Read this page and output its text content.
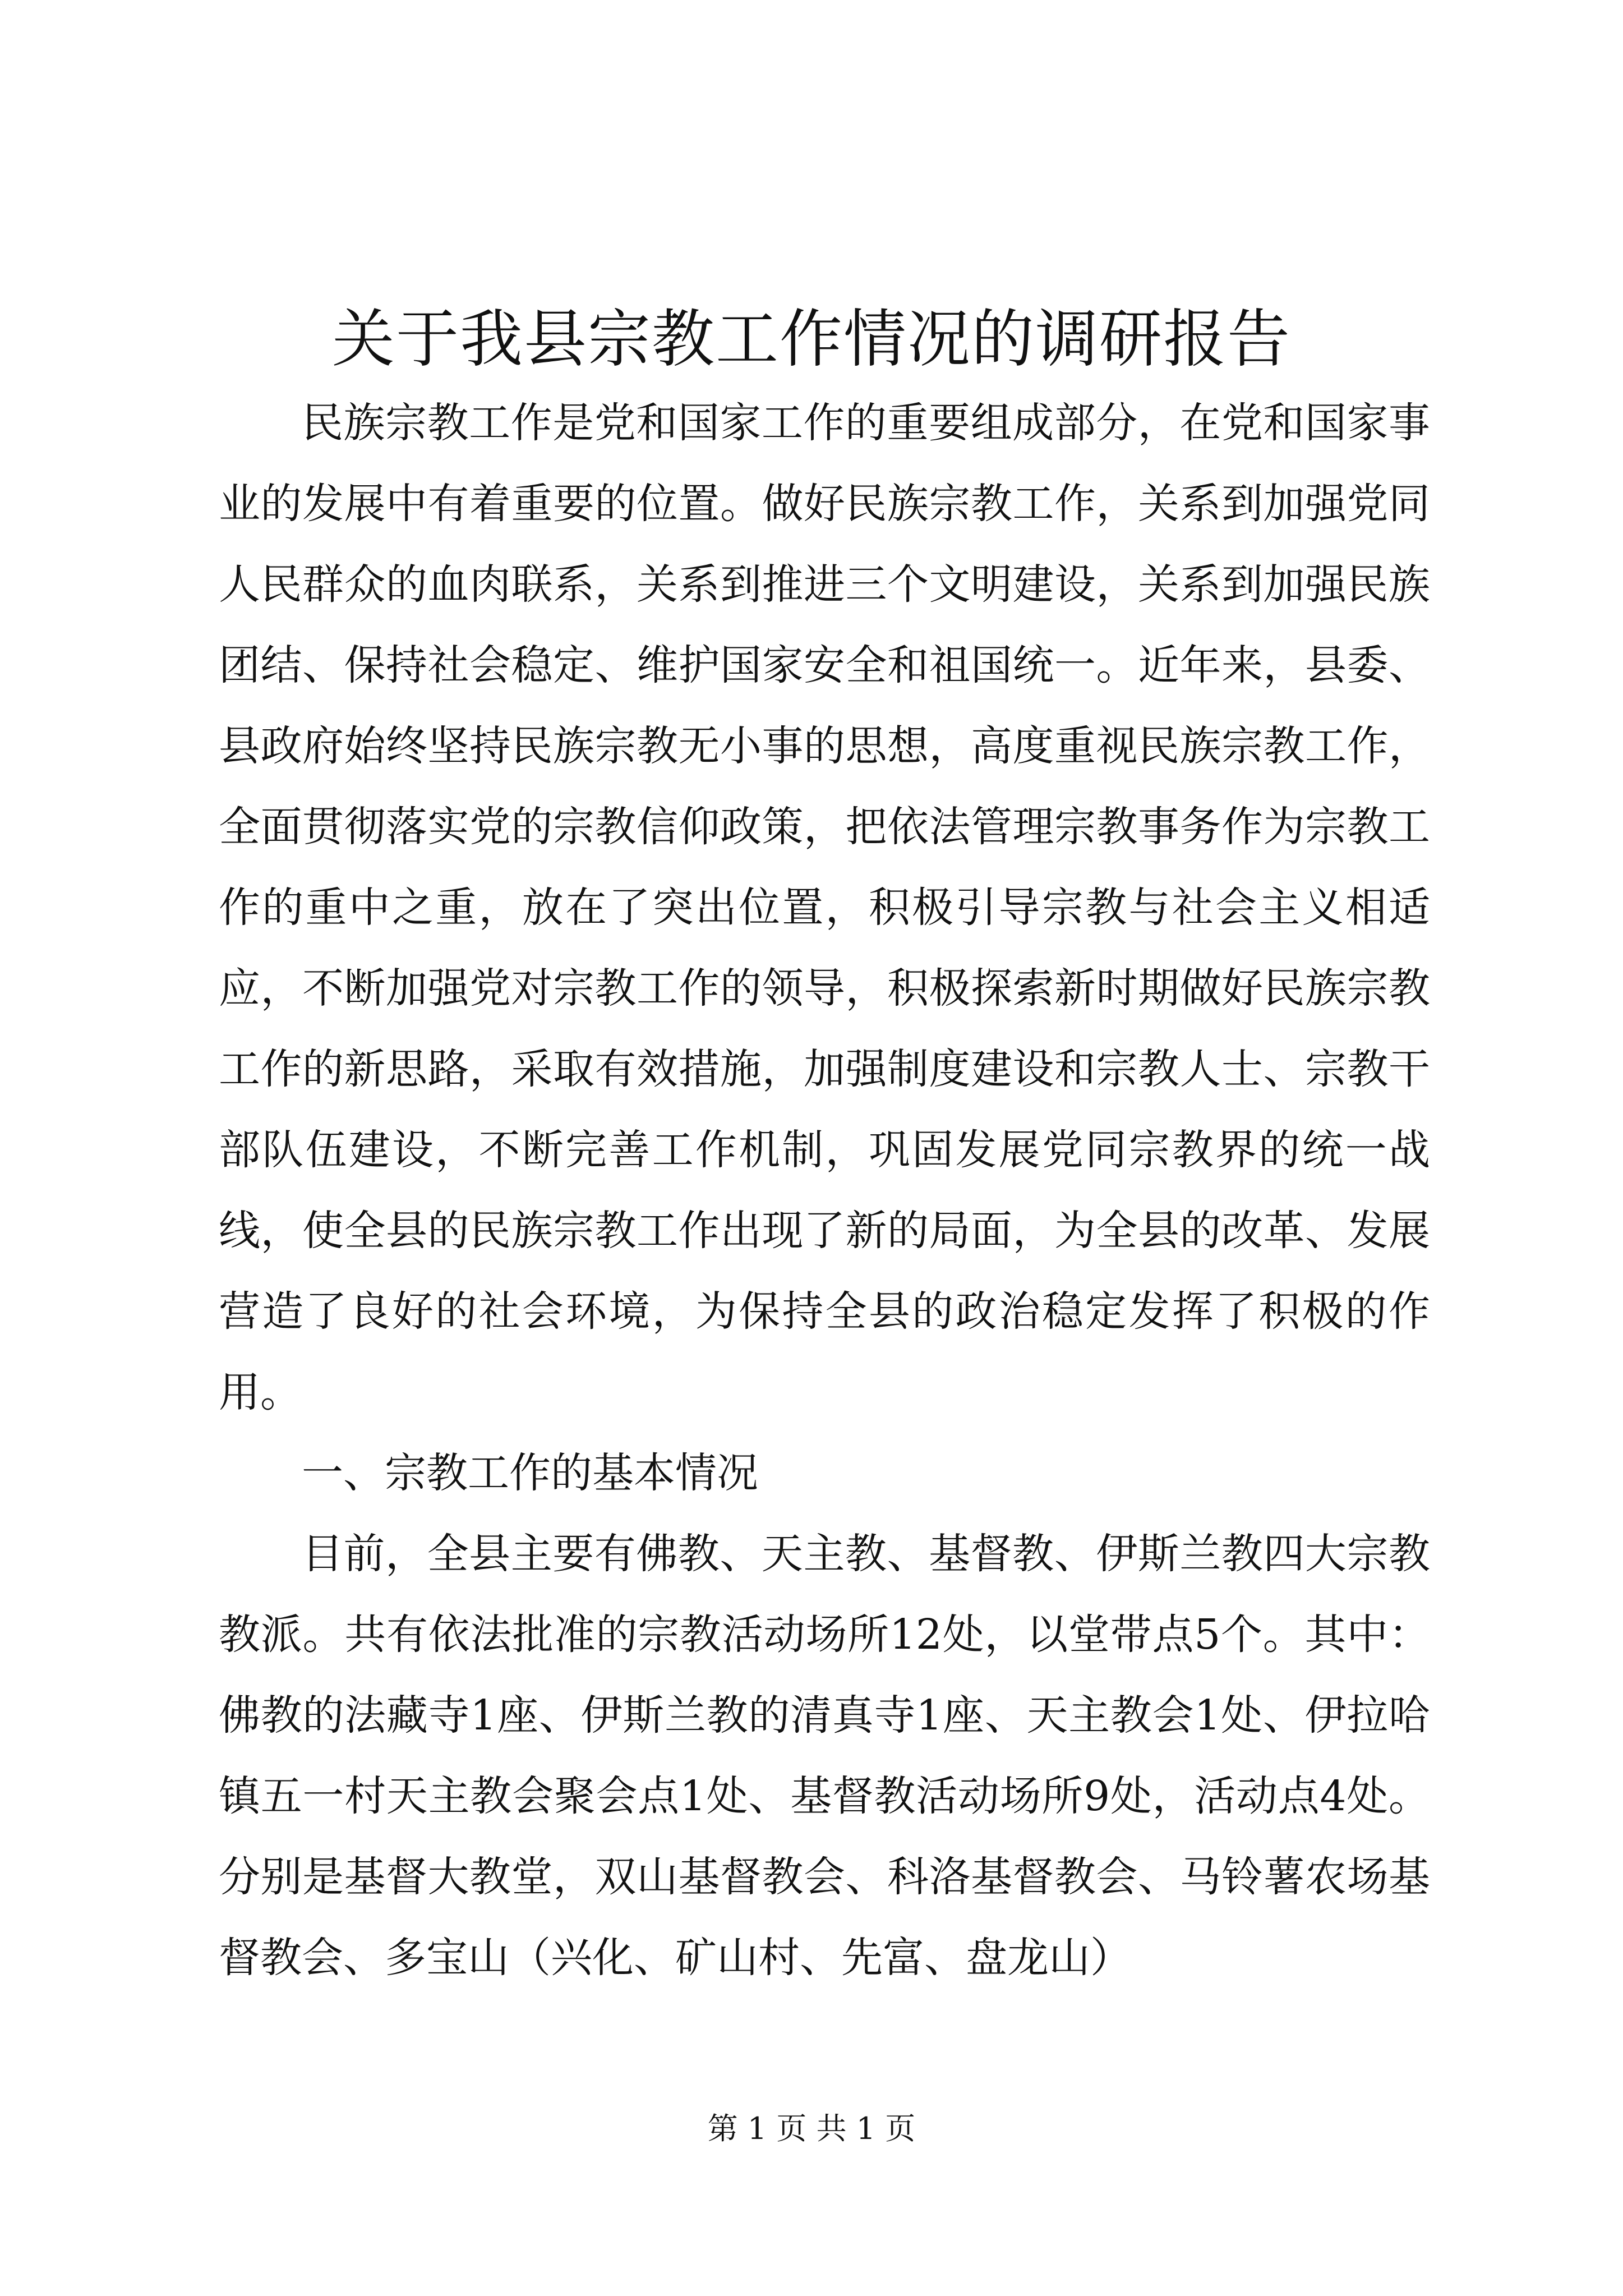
关于我县宗教工作情况的调研报告

民族宗教工作是党和国家工作的重要组成部分，在党和国家事业的发展中有着重要的位置。做好民族宗教工作，关系到加强党同人民群众的血肉联系，关系到推进三个文明建设，关系到加强民族团结、保持社会稳定、维护国家安全和祖国统一。近年来，县委、县政府始终坚持民族宗教无小事的思想，高度重视民族宗教工作，全面贯彻落实党的宗教信仰政策，把依法管理宗教事务作为宗教工作的重中之重，放在了突出位置，积极引导宗教与社会主义相适应，不断加强党对宗教工作的领导，积极探索新时期做好民族宗教工作的新思路，采取有效措施，加强制度建设和宗教人士、宗教干部队伍建设，不断完善工作机制，巩固发展党同宗教界的统一战线，使全县的民族宗教工作出现了新的局面，为全县的改革、发展营造了良好的社会环境，为保持全县的政治稳定发挥了积极的作用。

一、宗教工作的基本情况

目前，全县主要有佛教、天主教、基督教、伊斯兰教四大宗教教派。共有依法批准的宗教活动场所12处，以堂带点5个。其中：佛教的法藏寺1座、伊斯兰教的清真寺1座、天主教会1处、伊拉哈镇五一村天主教会聚会点1处、基督教活动场所9处，活动点4处。分别是基督大教堂，双山基督教会、科洛基督教会、马铃薯农场基督教会、多宝山（兴化、矿山村、先富、盘龙山）

第 1 页 共 1 页
